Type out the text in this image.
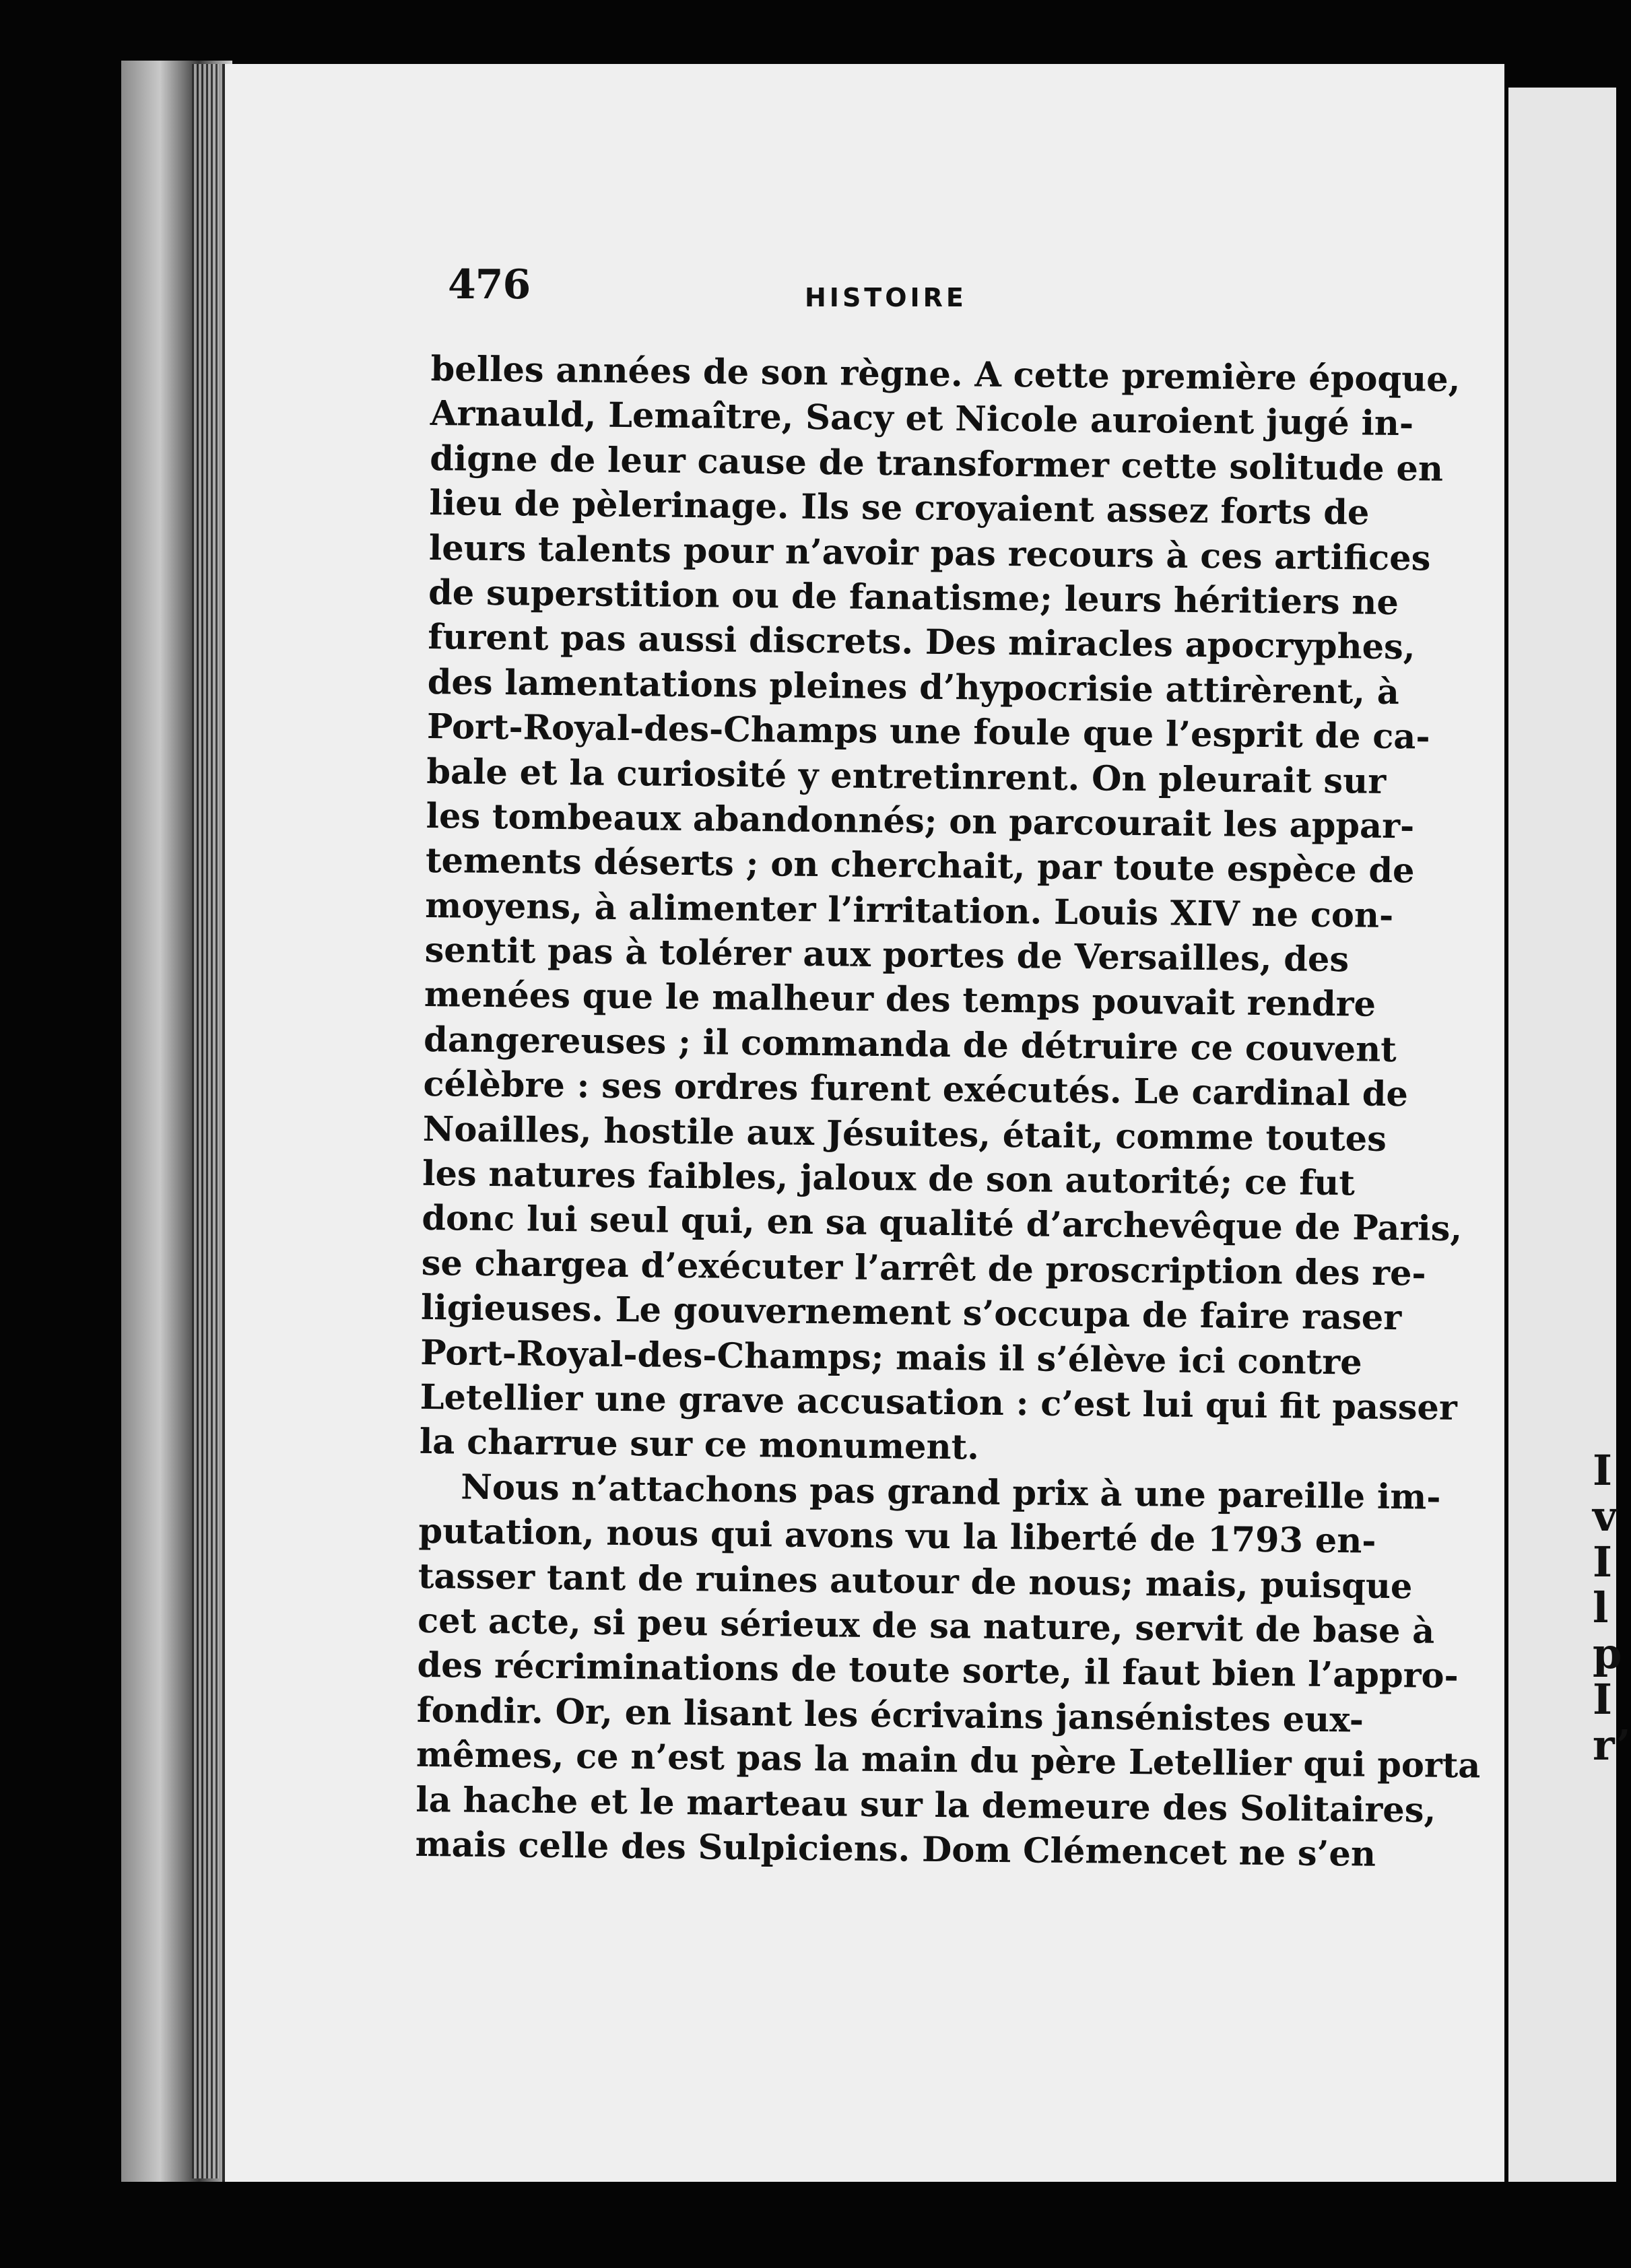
I
v
I
l
p
I
r’
476	HISTOIRE
belles années de son règne. A cette première époque,
Arnauld, Lemaître, Sacy et Nicole auroient jugé in-
digne de leur cause de transformer cette solitude en
lieu de pèlerinage. Ils se croyaient assez forts de
leurs talents pour n’avoir pas recours à ces artifices
de superstition ou de fanatisme; leurs héritiers ne
furent pas aussi discrets. Des miracles apocryphes,
des lamentations pleines d’hypocrisie attirèrent, à
Port-Royal-des-Champs une foule que l’esprit de ca-
bale et la curiosité y entretinrent. On pleurait sur
les tombeaux abandonnés; on parcourait les appar-
tements déserts ; on cherchait, par toute espèce de
moyens, à alimenter l’irritation. Louis XIV ne con-
sentit pas à tolérer aux portes de Versailles, des
menées que le malheur des temps pouvait rendre
dangereuses ; il commanda de détruire ce couvent
célèbre : ses ordres furent exécutés. Le cardinal de
Noailles, hostile aux Jésuites, était, comme toutes
les natures faibles, jaloux de son autorité; ce fut
donc lui seul qui, en sa qualité d’archevêque de Paris,
se chargea d’exécuter l’arrêt de proscription des re-
ligieuses. Le gouvernement s’occupa de faire raser
Port-Royal-des-Champs; mais il s’élève ici contre
Letellier une grave accusation : c’est lui qui fit passer
la charrue sur ce monument.
Nous n’attachons pas grand prix à une pareille im-
putation, nous qui avons vu la liberté de 1793 en-
tasser tant de ruines autour de nous; mais, puisque
cet acte, si peu sérieux de sa nature, servit de base à
des récriminations de toute sorte, il faut bien l’appro-
fondir. Or, en lisant les écrivains jansénistes eux-
mêmes, ce n’est pas la main du père Letellier qui porta
la hache et le marteau sur la demeure des Solitaires,
mais celle des Sulpiciens. Dom Clémencet ne s’en
